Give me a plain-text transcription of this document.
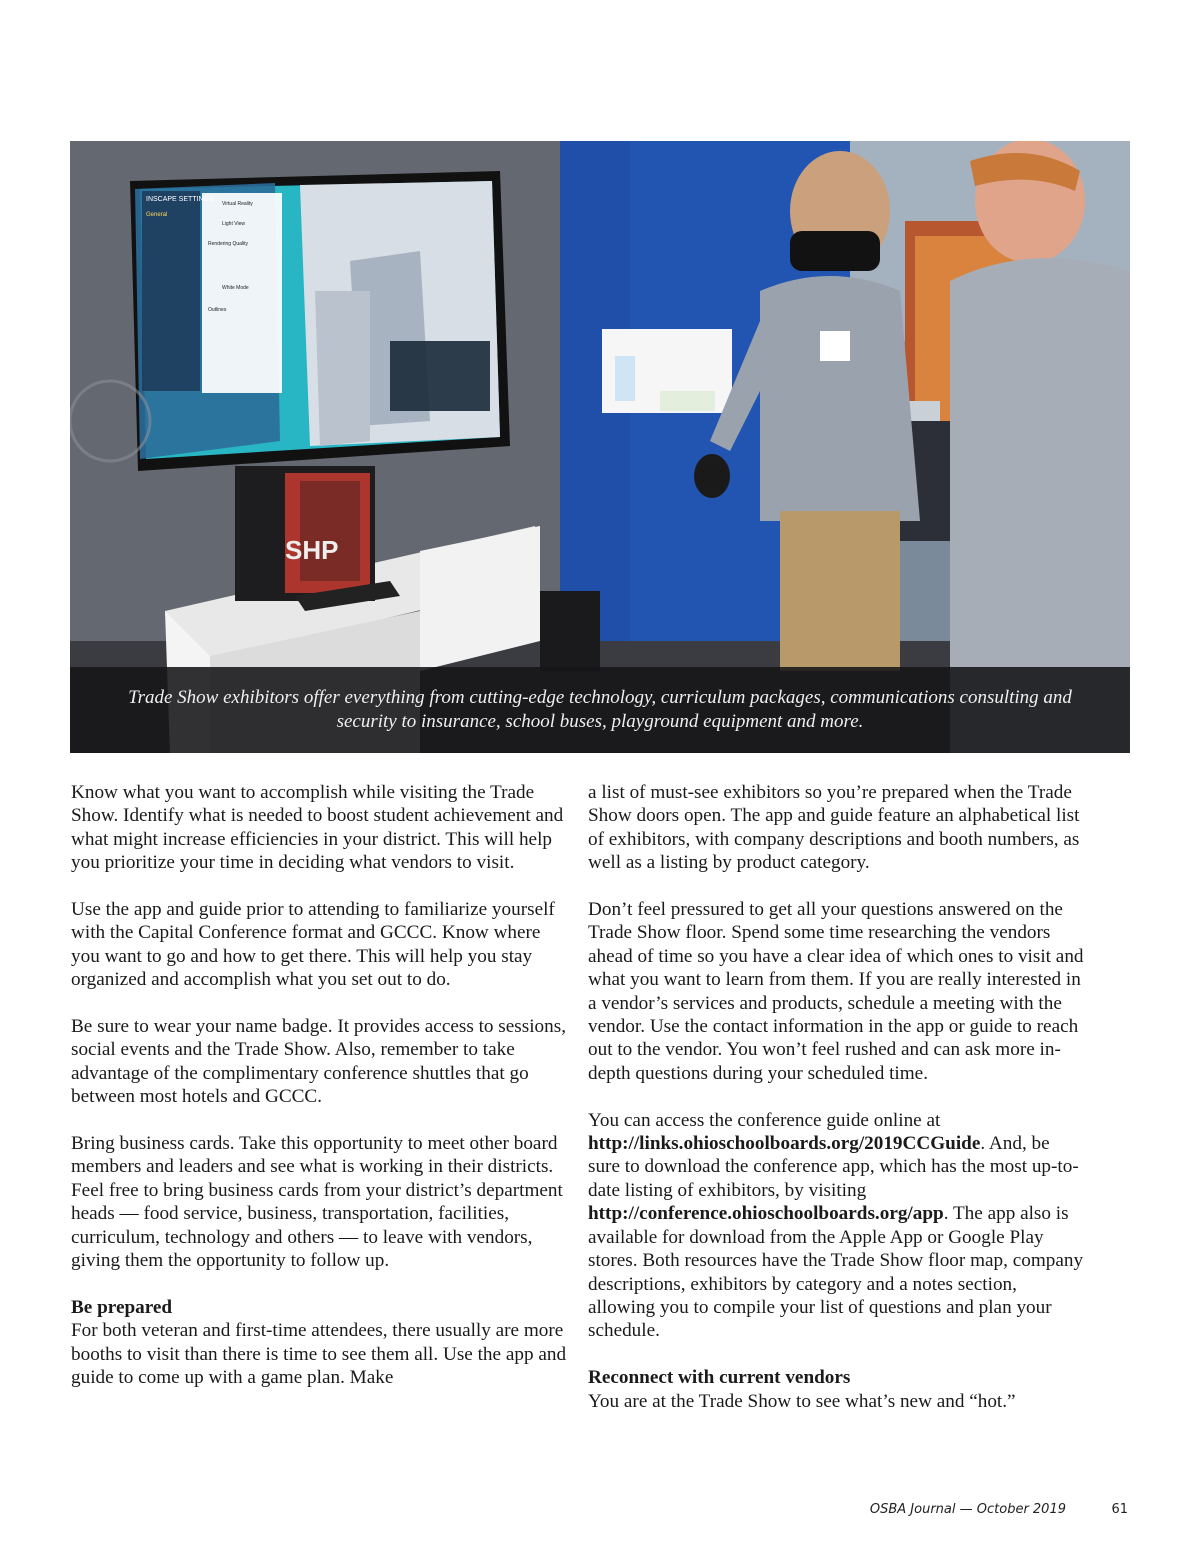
INSCAPE SETTINGS
General
Virtual Reality
Light View
Rendering Quality
White Mode
Outlines
SHP
Trade Show exhibitors offer everything from cutting-edge technology, curriculum packages, communications consulting and security to insurance, school buses, playground equipment and more.

Know what you want to accomplish while visiting the Trade Show. Identify what is needed to boost student achievement and what might increase efficiencies in your district. This will help you prioritize your time in deciding what vendors to visit.

Use the app and guide prior to attending to familiarize yourself with the Capital Conference format and GCCC. Know where you want to go and how to get there. This will help you stay organized and accomplish what you set out to do.

Be sure to wear your name badge. It provides access to sessions, social events and the Trade Show. Also, remember to take advantage of the complimentary conference shuttles that go between most hotels and GCCC.

Bring business cards. Take this opportunity to meet other board members and leaders and see what is working in their districts. Feel free to bring business cards from your district’s department heads — food service, business, transportation, facilities, curriculum, technology and others — to leave with vendors, giving them the opportunity to follow up.

Be prepared

For both veteran and first-time attendees, there usually are more booths to visit than there is time to see them all. Use the app and guide to come up with a game plan. Make

a list of must-see exhibitors so you’re prepared when the Trade Show doors open. The app and guide feature an alphabetical list of exhibitors, with company descriptions and booth numbers, as well as a listing by product category.

Don’t feel pressured to get all your questions answered on the Trade Show floor. Spend some time researching the vendors ahead of time so you have a clear idea of which ones to visit and what you want to learn from them. If you are really interested in a vendor’s services and products, schedule a meeting with the vendor. Use the contact information in the app or guide to reach out to the vendor. You won’t feel rushed and can ask more in-depth questions during your scheduled time.

You can access the conference guide online at http://links.ohioschoolboards.org/2019CCGuide. And, be sure to download the conference app, which has the most up-to-date listing of exhibitors, by visiting http://conference.ohioschoolboards.org/app. The app also is available for download from the Apple App or Google Play stores. Both resources have the Trade Show floor map, company descriptions, exhibitors by category and a notes section, allowing you to compile your list of questions and plan your schedule.

Reconnect with current vendors

You are at the Trade Show to see what’s new and “hot.”

OSBA Journal — October 2019	61
